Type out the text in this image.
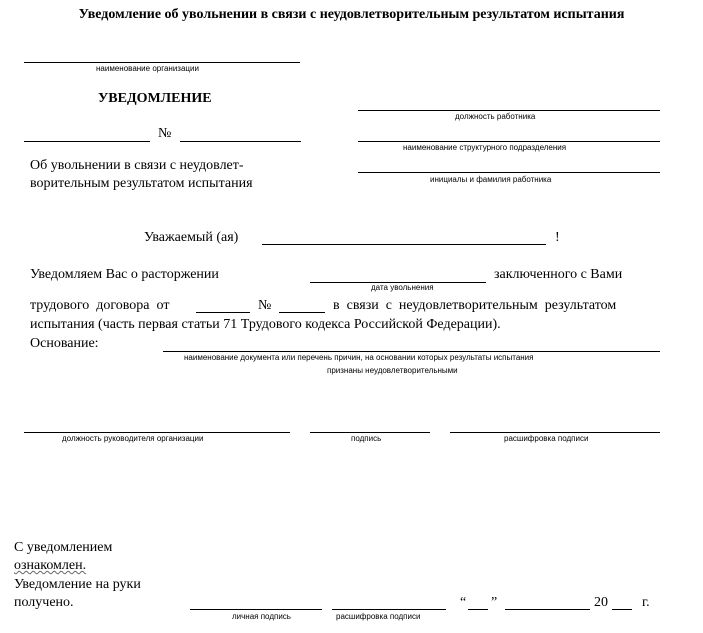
Уведомление об увольнении в связи с неудовлетворительным результатом испытания
наименование организации
УВЕДОМЛЕНИЕ
должность работника
наименование структурного подразделения
инициалы и фамилия работника
№
Об увольнении в связи с неудовлет-
ворительным результатом испытания
Уважаемый (ая)	!
Уведомляем Вас о расторжении
дата увольнения
заключенного с Вами
трудового  договора  от	№	в  связи  с  неудовлетворительным  результатом
испытания (часть первая статьи 71 Трудового кодекса Российской Федерации).
Основание:
наименование документа или перечень причин, на основании которых результаты испытания
признаны неудовлетворительными
должность руководителя организации	подпись	расшифровка подписи
С уведомлением
ознакомлен.
Уведомление на руки
получено.
личная подпись	расшифровка подписи
“ ”	20 г.
